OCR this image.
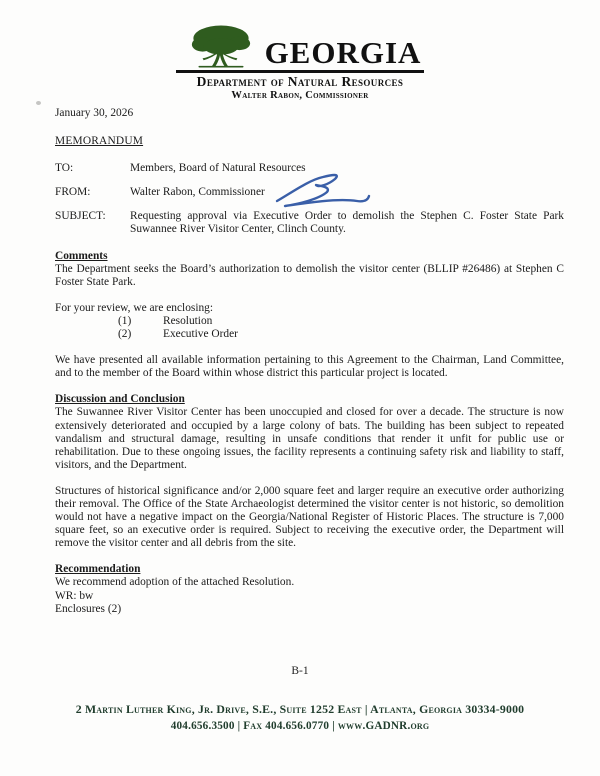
GEORGIA
Department of Natural Resources
Walter Rabon, Commissioner

January 30, 2026

MEMORANDUM

TO:	Members, Board of Natural Resources
FROM:	Walter Rabon, Commissioner
SUBJECT:	Requesting approval via Executive Order to demolish the Stephen C. Foster State Park Suwannee River Visitor Center, Clinch County.
Comments

The Department seeks the Board’s authorization to demolish the visitor center (BLLIP #26486) at Stephen C Foster State Park.

For your review, we are enclosing:

(1)	Resolution
(2)	Executive Order

We have presented all available information pertaining to this Agreement to the Chairman, Land Committee, and to the member of the Board within whose district this particular project is located.

Discussion and Conclusion

The Suwannee River Visitor Center has been unoccupied and closed for over a decade. The structure is now extensively deteriorated and occupied by a large colony of bats. The building has been subject to repeated vandalism and structural damage, resulting in unsafe conditions that render it unfit for public use or rehabilitation. Due to these ongoing issues, the facility represents a continuing safety risk and liability to staff, visitors, and the Department.

Structures of historical significance and/or 2,000 square feet and larger require an executive order authorizing their removal. The Office of the State Archaeologist determined the visitor center is not historic, so demolition would not have a negative impact on the Georgia/National Register of Historic Places. The structure is 7,000 square feet, so an executive order is required. Subject to receiving the executive order, the Department will remove the visitor center and all debris from the site.

Recommendation

We recommend adoption of the attached Resolution.

WR: bw

Enclosures (2)

B-1
2 Martin Luther King, Jr. Drive, S.E., Suite 1252 East | Atlanta, Georgia 30334-9000
404.656.3500 | Fax 404.656.0770 | www.GADNR.org
